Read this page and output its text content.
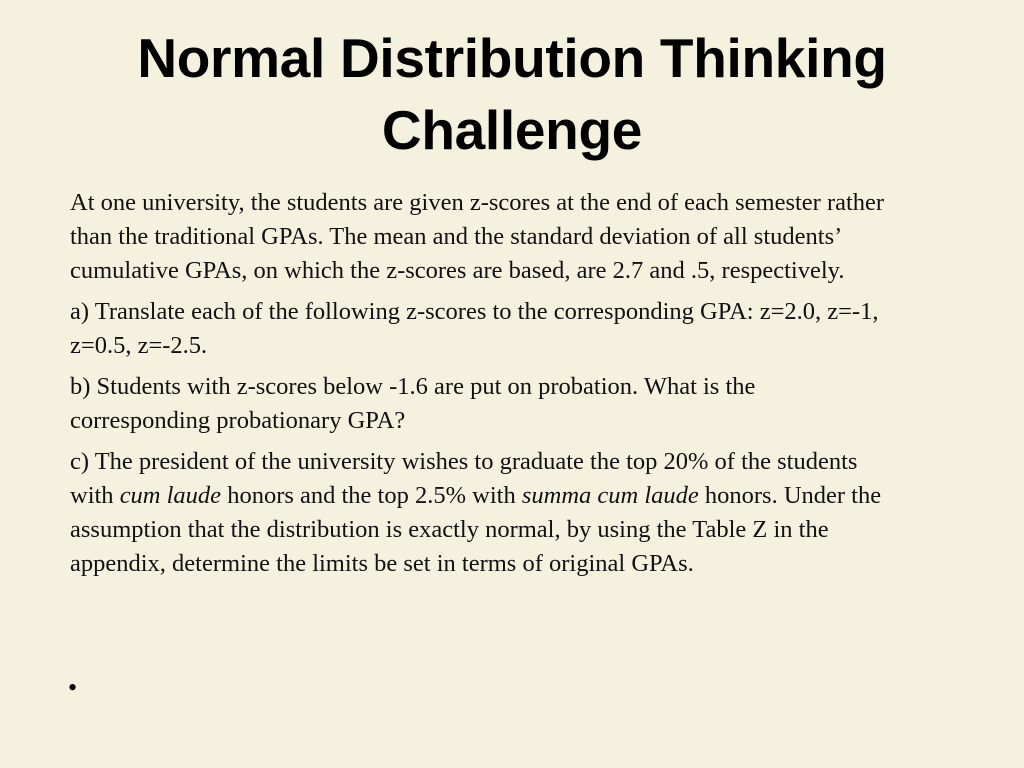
Normal Distribution Thinking Challenge

At one university, the students are given z-scores at the end of each semester rather than the traditional GPAs. The mean and the standard deviation of all students’ cumulative GPAs, on which the z-scores are based, are 2.7 and .5, respectively.

a) Translate each of the following z-scores to the corresponding GPA: z=2.0, z=-1, z=0.5, z=-2.5.

b) Students with z-scores below -1.6 are put on probation. What is the corresponding probationary GPA?

c) The president of the university wishes to graduate the top 20% of the students with cum laude honors and the top 2.5% with summa cum laude honors. Under the assumption that the distribution is exactly normal, by using the Table Z in the appendix, determine the limits be set in terms of original GPAs.

•
